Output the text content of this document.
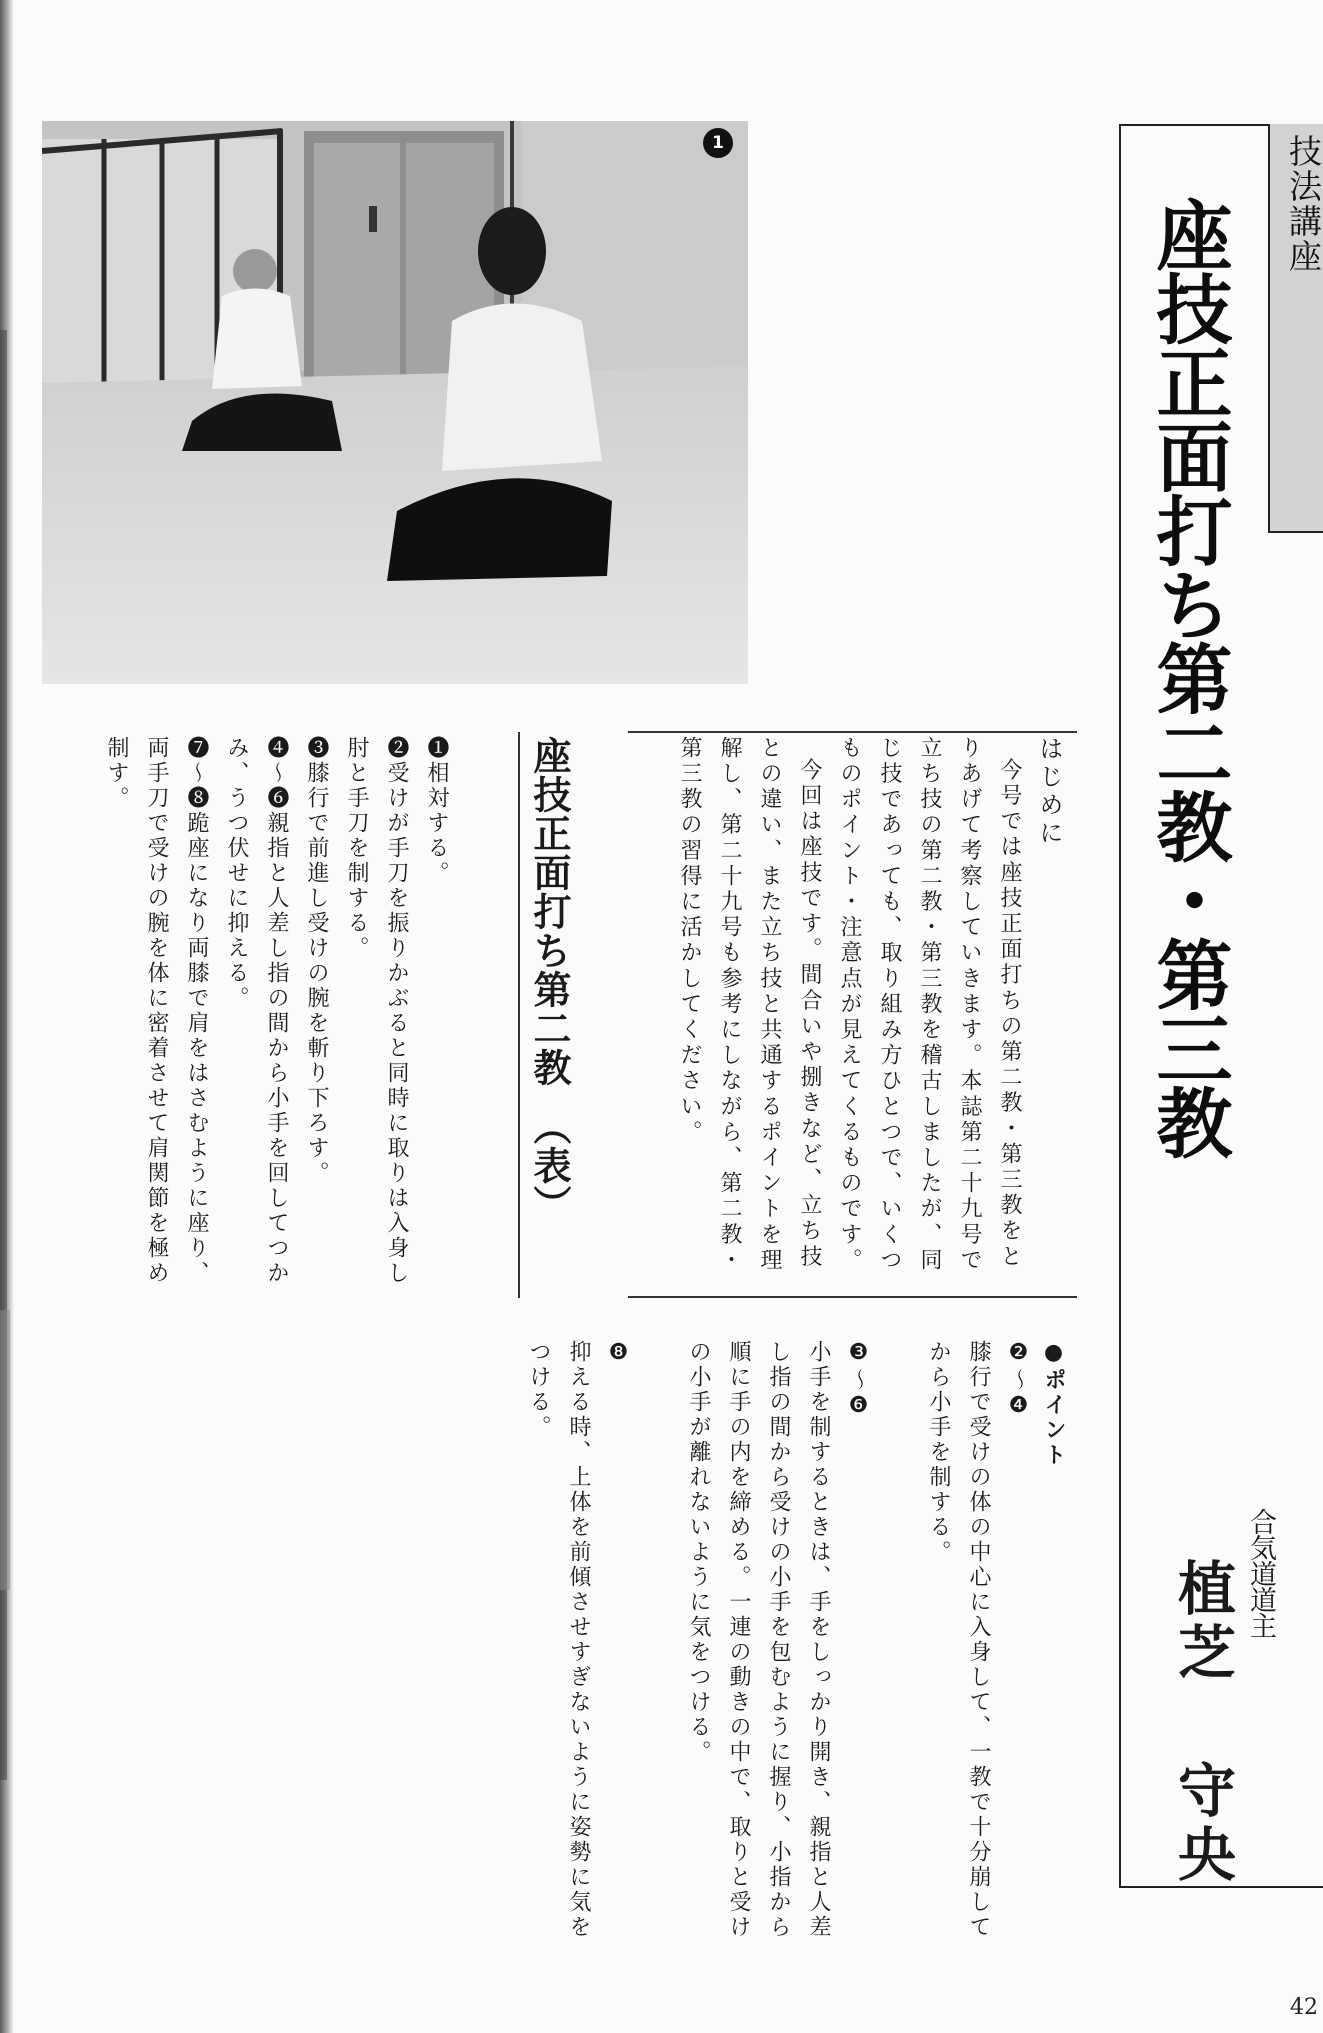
1	技法講座
座技正面打ち第二教・第三教
合気道道主
植芝 守央

はじめに

今号では座技正面打ちの第二教・第三教をとりあげて考察していきます。本誌第二十九号で立ち技の第二教・第三教を稽古しましたが、同じ技であっても、取り組み方ひとつで、いくつものポイント・注意点が見えてくるものです。

今回は座技です。間合いや捌きなど、立ち技との違い、また立ち技と共通するポイントを理解し、第二十九号も参考にしながら、第二教・第三教の習得に活かしてください。

●ポイント

❷〜❹

膝行で受けの体の中心に入身して、一教で十分崩してから小手を制する。

❸〜❻

小手を制するときは、手をしっかり開き、親指と人差し指の間から受けの小手を包むように握り、小指から順に手の内を締める。一連の動きの中で、取りと受けの小手が離れないように気をつける。

❽

抑える時、上体を前傾させすぎないように姿勢に気をつける。

座技正面打ち第二教（表）

❶相対する。

❷受けが手刀を振りかぶると同時に取りは入身し肘と手刀を制する。

❸膝行で前進し受けの腕を斬り下ろす。

❹〜❻親指と人差し指の間から小手を回してつかみ、うつ伏せに抑える。

❼〜❽跪座になり両膝で肩をはさむように座り、両手刀で受けの腕を体に密着させて肩関節を極め制す。

42
